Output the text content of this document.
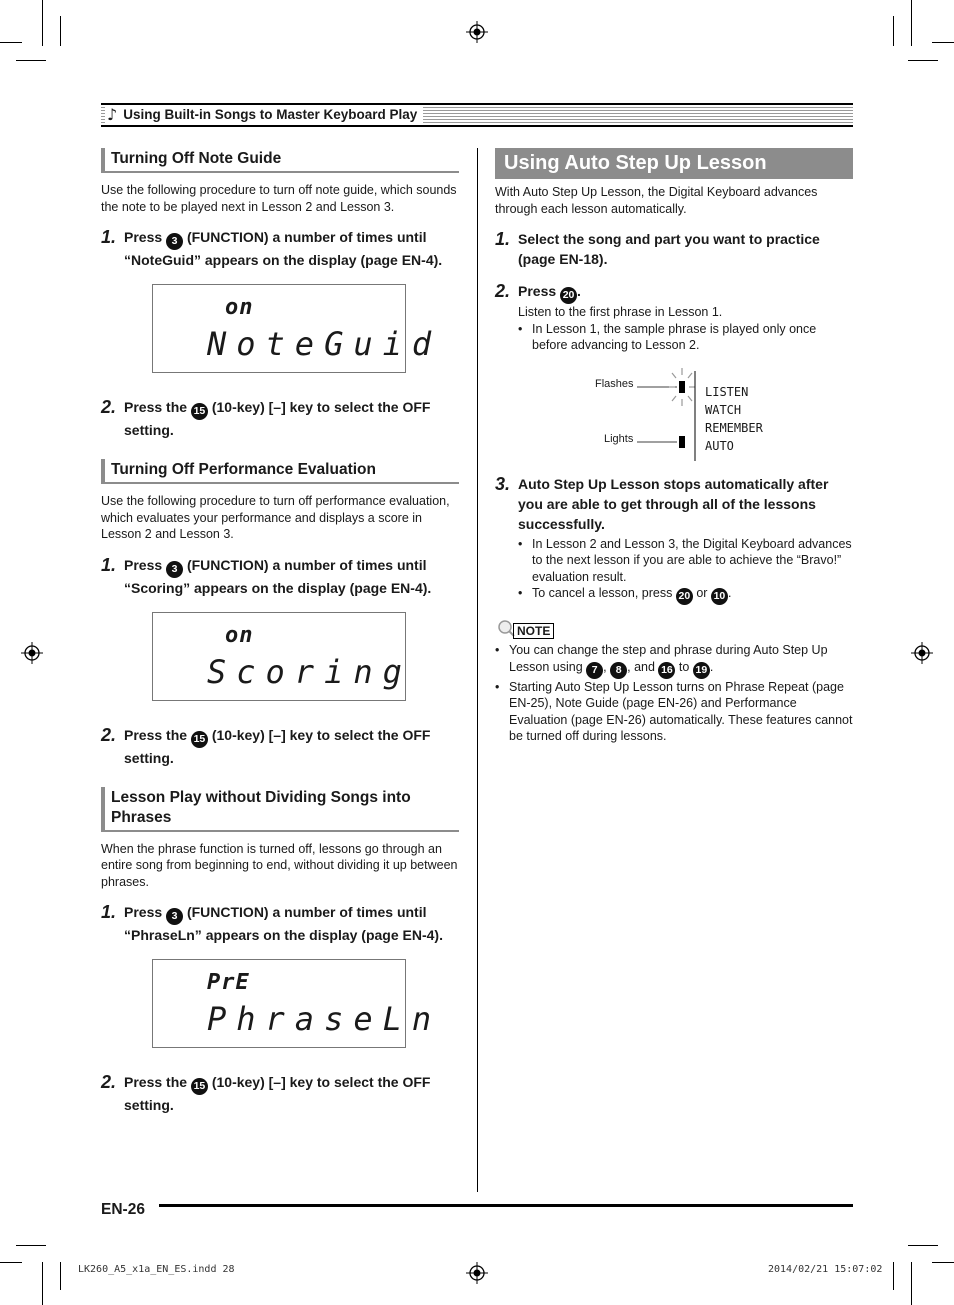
♪ Using Built-in Songs to Master Keyboard Play
Turning Off Note Guide
Use the following procedure to turn off note guide, which sounds the note to be played next in Lesson 2 and Lesson 3.
1. Press 3 (FUNCTION) a number of times until “NoteGuid” appears on the display (page EN-4).
on
NoteGuid
2. Press the 15 (10-key) [–] key to select the OFF setting.
Turning Off Performance Evaluation
Use the following procedure to turn off performance evaluation, which evaluates your performance and displays a score in Lesson 2 and Lesson 3.
1. Press 3 (FUNCTION) a number of times until “Scoring” appears on the display (page EN-4).
on
Scoring
2. Press the 15 (10-key) [–] key to select the OFF setting.
Lesson Play without Dividing Songs into Phrases
When the phrase function is turned off, lessons go through an entire song from beginning to end, without dividing it up between phrases.
1. Press 3 (FUNCTION) a number of times until “PhraseLn” appears on the display (page EN-4).
PrE
PhraseLn
2. Press the 15 (10-key) [–] key to select the OFF setting.
Using Auto Step Up Lesson
With Auto Step Up Lesson, the Digital Keyboard advances through each lesson automatically.
1. Select the song and part you want to practice (page EN-18).
2. Press 20 .
Listen to the first phrase in Lesson 1.
• In Lesson 1, the sample phrase is played only once before advancing to Lesson 2.
Flashes
Lights
LISTEN
WATCH
REMEMBER
AUTO
3. Auto Step Up Lesson stops automatically after you are able to get through all of the lessons successfully.
• In Lesson 2 and Lesson 3, the Digital Keyboard advances to the next lesson if you are able to achieve the “Bravo!” evaluation result.
• To cancel a lesson, press 20 or 10 .
NOTE
• You can change the step and phrase during Auto Step Up Lesson using 7 , 8 , and 16 to 19 .
• Starting Auto Step Up Lesson turns on Phrase Repeat (page EN-25), Note Guide (page EN-26) and Performance Evaluation (page EN-26) automatically. These features cannot be turned off during lessons.
EN-26
LK260_A5_x1a_EN_ES.indd 28	2014/02/21 15:07:02
